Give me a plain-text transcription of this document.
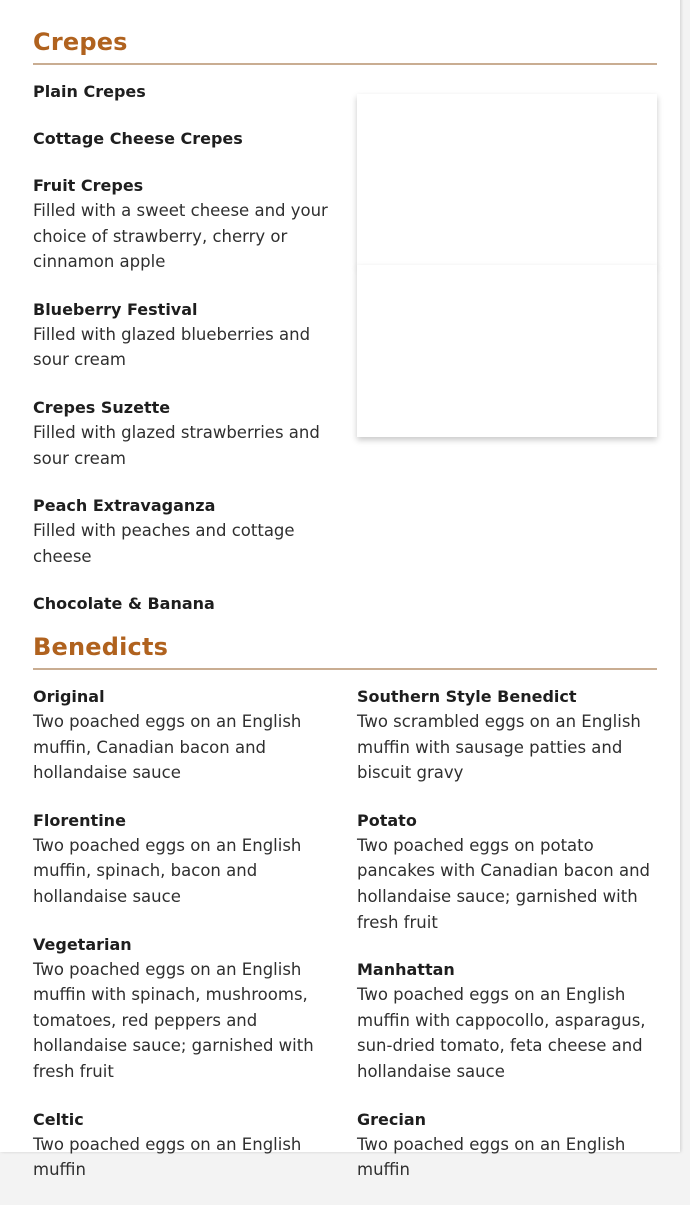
Crepes
Plain Crepes
Cottage Cheese Crepes
Fruit Crepes
Filled with a sweet cheese and your choice of strawberry, cherry or cinnamon apple
Blueberry Festival
Filled with glazed blueberries and sour cream
Crepes Suzette
Filled with glazed strawberries and sour cream
Peach Extravaganza
Filled with peaches and cottage cheese
Chocolate & Banana
Benedicts
Original
Two poached eggs on an English muffin, Canadian bacon and hollandaise sauce
Florentine
Two poached eggs on an English muffin, spinach, bacon and hollandaise sauce
Vegetarian
Two poached eggs on an English muffin with spinach, mushrooms, tomatoes, red peppers and hollandaise sauce; garnished with fresh fruit
Celtic
Two poached eggs on an English muffin
Southern Style Benedict
Two scrambled eggs on an English muffin with sausage patties and biscuit gravy
Potato
Two poached eggs on potato pancakes with Canadian bacon and hollandaise sauce; garnished with fresh fruit
Manhattan
Two poached eggs on an English muffin with cappocollo, asparagus, sun-dried tomato, feta cheese and hollandaise sauce
Grecian
Two poached eggs on an English muffin
